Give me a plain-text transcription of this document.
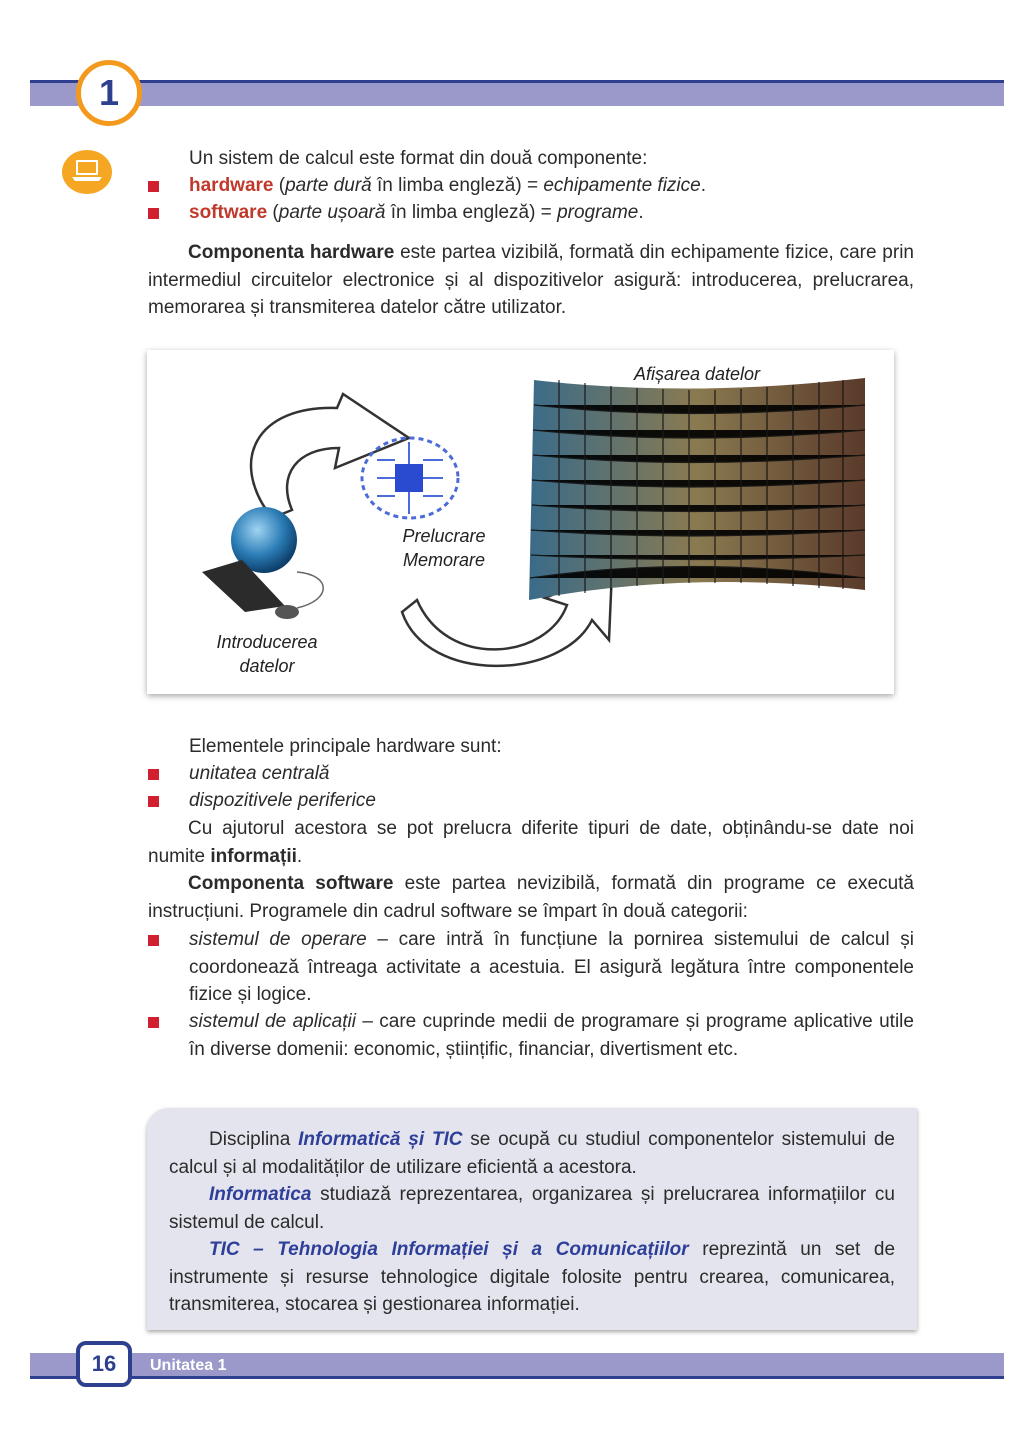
1
Un sistem de calcul este format din două componente:
hardware (parte dură în limba engleză) = echipamente fizice.
software (parte ușoară în limba engleză) = programe.
Componenta hardware este partea vizibilă, formată din echipamente fizice, care prin intermediul circuitelor electronice și al dispozitivelor asigură: introducerea, prelucrarea, memorarea și transmiterea datelor către utilizator.
Introducerea
datelor
Prelucrare
Memorare
Afișarea datelor
Elementele principale hardware sunt:
unitatea centrală
dispozitivele periferice
Cu ajutorul acestora se pot prelucra diferite tipuri de date, obținându-se date noi numite informații.
Componenta software este partea nevizibilă, formată din programe ce execută instrucțiuni. Programele din cadrul software se împart în două categorii:
sistemul de operare – care intră în funcțiune la pornirea sistemului de calcul și coordonează întreaga activitate a acestuia. El asigură legătura între componentele fizice și logice.
sistemul de aplicații – care cuprinde medii de programare și programe aplicative utile în diverse domenii: economic, științific, financiar, divertisment etc.
Disciplina Informatică și TIC se ocupă cu studiul componentelor sistemului de calcul și al modalităților de utilizare eficientă a acestora.
Informatica studiază reprezentarea, organizarea și prelucrarea informațiilor cu sistemul de calcul.
TIC – Tehnologia Informației și a Comunicațiilor reprezintă un set de instrumente și resurse tehnologice digitale folosite pentru crearea, comunicarea, transmiterea, stocarea și gestionarea informației.
16	Unitatea 1
